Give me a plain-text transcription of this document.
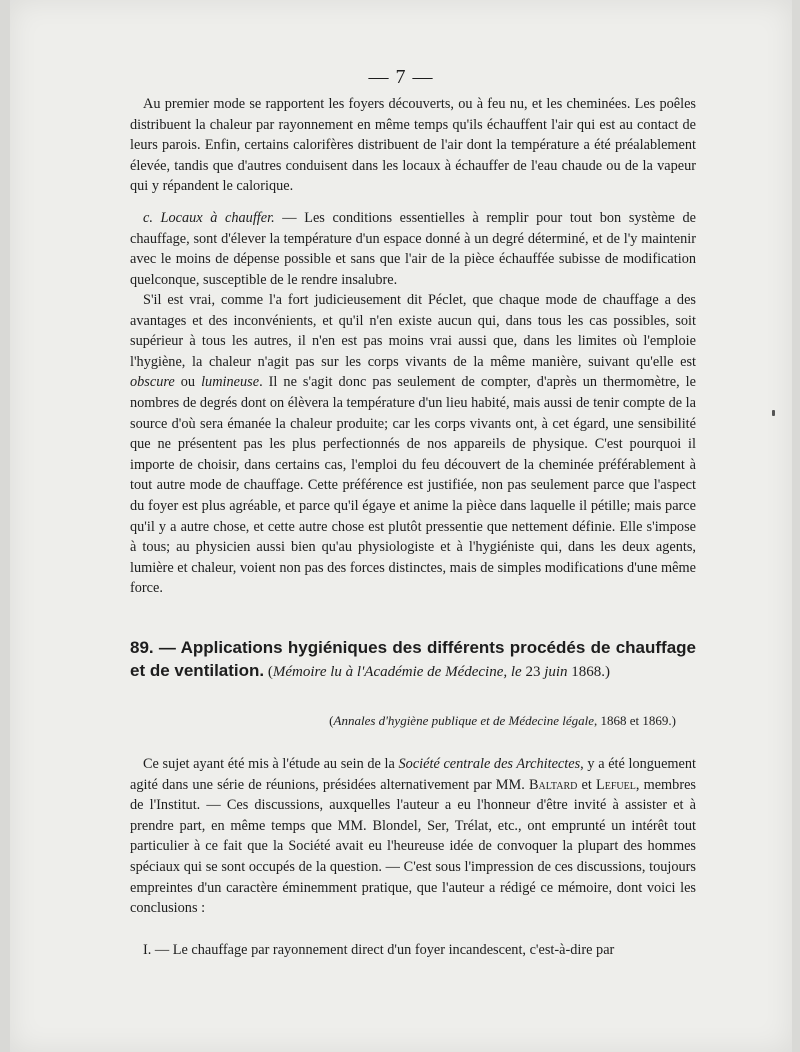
— 7 —

Au premier mode se rapportent les foyers découverts, ou à feu nu, et les cheminées. Les poêles distribuent la chaleur par rayonnement en même temps qu'ils échauffent l'air qui est au contact de leurs parois. Enfin, certains calorifères distribuent de l'air dont la température a été préalablement élevée, tandis que d'autres conduisent dans les locaux à échauffer de l'eau chaude ou de la vapeur qui y répandent le calorique.

c. Locaux à chauffer. — Les conditions essentielles à remplir pour tout bon système de chauffage, sont d'élever la température d'un espace donné à un degré déterminé, et de l'y maintenir avec le moins de dépense possible et sans que l'air de la pièce échauffée subisse de modification quelconque, susceptible de le rendre insalubre.

S'il est vrai, comme l'a fort judicieusement dit Péclet, que chaque mode de chauffage a des avantages et des inconvénients, et qu'il n'en existe aucun qui, dans tous les cas possibles, soit supérieur à tous les autres, il n'en est pas moins vrai aussi que, dans les limites où l'emploie l'hygiène, la chaleur n'agit pas sur les corps vivants de la même manière, suivant qu'elle est obscure ou lumineuse. Il ne s'agit donc pas seulement de compter, d'après un thermomètre, le nombres de degrés dont on élèvera la température d'un lieu habité, mais aussi de tenir compte de la source d'où sera émanée la chaleur produite; car les corps vivants ont, à cet égard, une sensibilité que ne présentent pas les plus perfectionnés de nos appareils de physique. C'est pourquoi il importe de choisir, dans certains cas, l'emploi du feu découvert de la cheminée préférablement à tout autre mode de chauffage. Cette préférence est justifiée, non pas seulement parce que l'aspect du foyer est plus agréable, et parce qu'il égaye et anime la pièce dans laquelle il pétille; mais parce qu'il y a autre chose, et cette autre chose est plutôt pressentie que nettement définie. Elle s'impose à tous; au physicien aussi bien qu'au physiologiste et à l'hygiéniste qui, dans les deux agents, lumière et chaleur, voient non pas des forces distinctes, mais de simples modifications d'une même force.

89. — Applications hygiéniques des différents procédés de chauffage et de ventilation. (Mémoire lu à l'Académie de Médecine, le 23 juin 1868.)
(Annales d'hygiène publique et de Médecine légale, 1868 et 1869.)

Ce sujet ayant été mis à l'étude au sein de la Société centrale des Architectes, y a été longuement agité dans une série de réunions, présidées alternativement par MM. Baltard et Lefuel, membres de l'Institut. — Ces discussions, auxquelles l'auteur a eu l'honneur d'être invité à assister et à prendre part, en même temps que MM. Blondel, Ser, Trélat, etc., ont emprunté un intérêt tout particulier à ce fait que la Société avait eu l'heureuse idée de convoquer la plupart des hommes spéciaux qui se sont occupés de la question. — C'est sous l'impression de ces discussions, toujours empreintes d'un caractère éminemment pratique, que l'auteur a rédigé ce mémoire, dont voici les conclusions :

I. — Le chauffage par rayonnement direct d'un foyer incandescent, c'est-à-dire par
